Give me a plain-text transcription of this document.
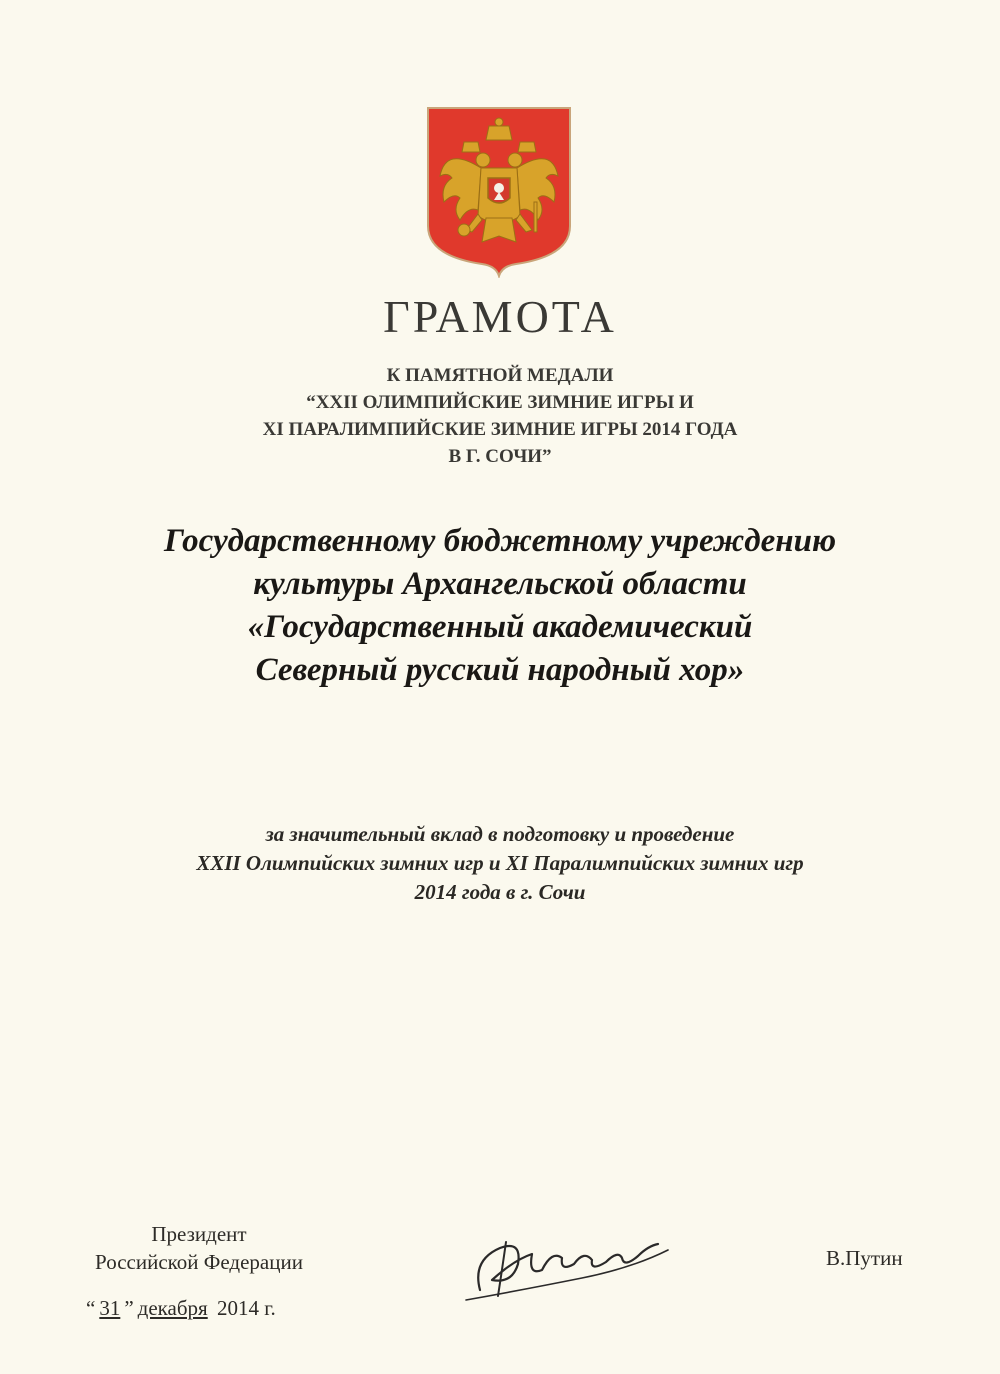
ГРАМОТА
К ПАМЯТНОЙ МЕДАЛИ
“XXII ОЛИМПИЙСКИЕ ЗИМНИЕ ИГРЫ И
XI ПАРАЛИМПИЙСКИЕ ЗИМНИЕ ИГРЫ 2014 ГОДА
В Г. СОЧИ”
Государственному бюджетному учреждению
культуры Архангельской области
«Государственный академический
Северный русский народный хор»
за значительный вклад в подготовку и проведение
XXII Олимпийских зимних игр и XI Паралимпийских зимних игр
2014 года в г. Сочи
Президент
Российской Федерации	В.Путин
“ 31 ” декабря 2014 г.
